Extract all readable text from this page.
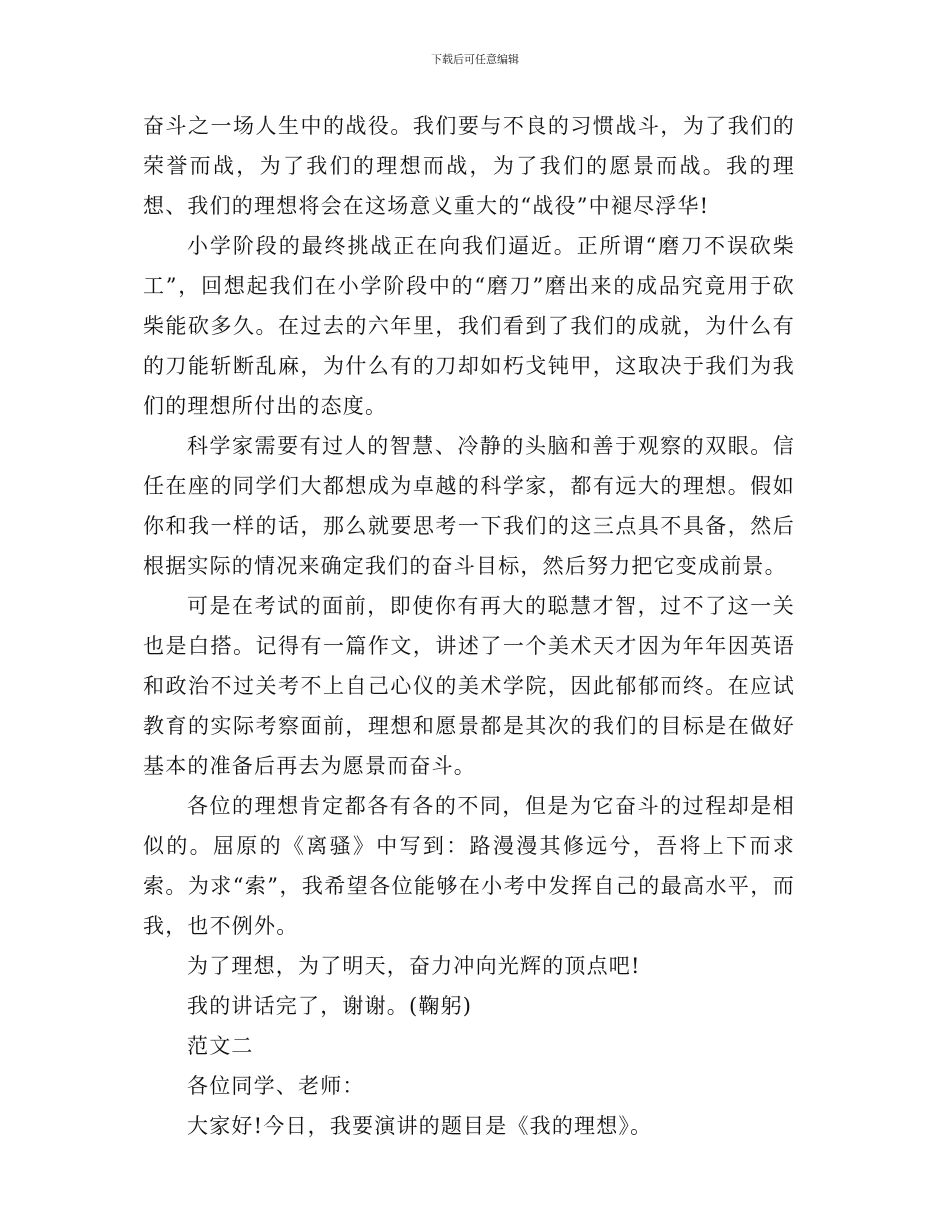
下载后可任意编辑

奋斗之一场人生中的战役。我们要与不良的习惯战斗，为了我们的荣誉而战，为了我们的理想而战，为了我们的愿景而战。我的理想、我们的理想将会在这场意义重大的“战役”中褪尽浮华!

小学阶段的最终挑战正在向我们逼近。正所谓“磨刀不误砍柴工”，回想起我们在小学阶段中的“磨刀”磨出来的成品究竟用于砍柴能砍多久。在过去的六年里，我们看到了我们的成就，为什么有的刀能斩断乱麻，为什么有的刀却如朽戈钝甲，这取决于我们为我们的理想所付出的态度。

科学家需要有过人的智慧、冷静的头脑和善于观察的双眼。信任在座的同学们大都想成为卓越的科学家，都有远大的理想。假如你和我一样的话，那么就要思考一下我们的这三点具不具备，然后根据实际的情况来确定我们的奋斗目标，然后努力把它变成前景。

可是在考试的面前，即使你有再大的聪慧才智，过不了这一关也是白搭。记得有一篇作文，讲述了一个美术天才因为年年因英语和政治不过关考不上自己心仪的美术学院，因此郁郁而终。在应试教育的实际考察面前，理想和愿景都是其次的我们的目标是在做好基本的准备后再去为愿景而奋斗。

各位的理想肯定都各有各的不同，但是为它奋斗的过程却是相似的。屈原的《离骚》中写到：路漫漫其修远兮，吾将上下而求索。为求“索”，我希望各位能够在小考中发挥自己的最高水平，而我，也不例外。

为了理想，为了明天，奋力冲向光辉的顶点吧!

我的讲话完了，谢谢。(鞠躬)

范文二

各位同学、老师：

大家好!今日，我要演讲的题目是《我的理想》。
